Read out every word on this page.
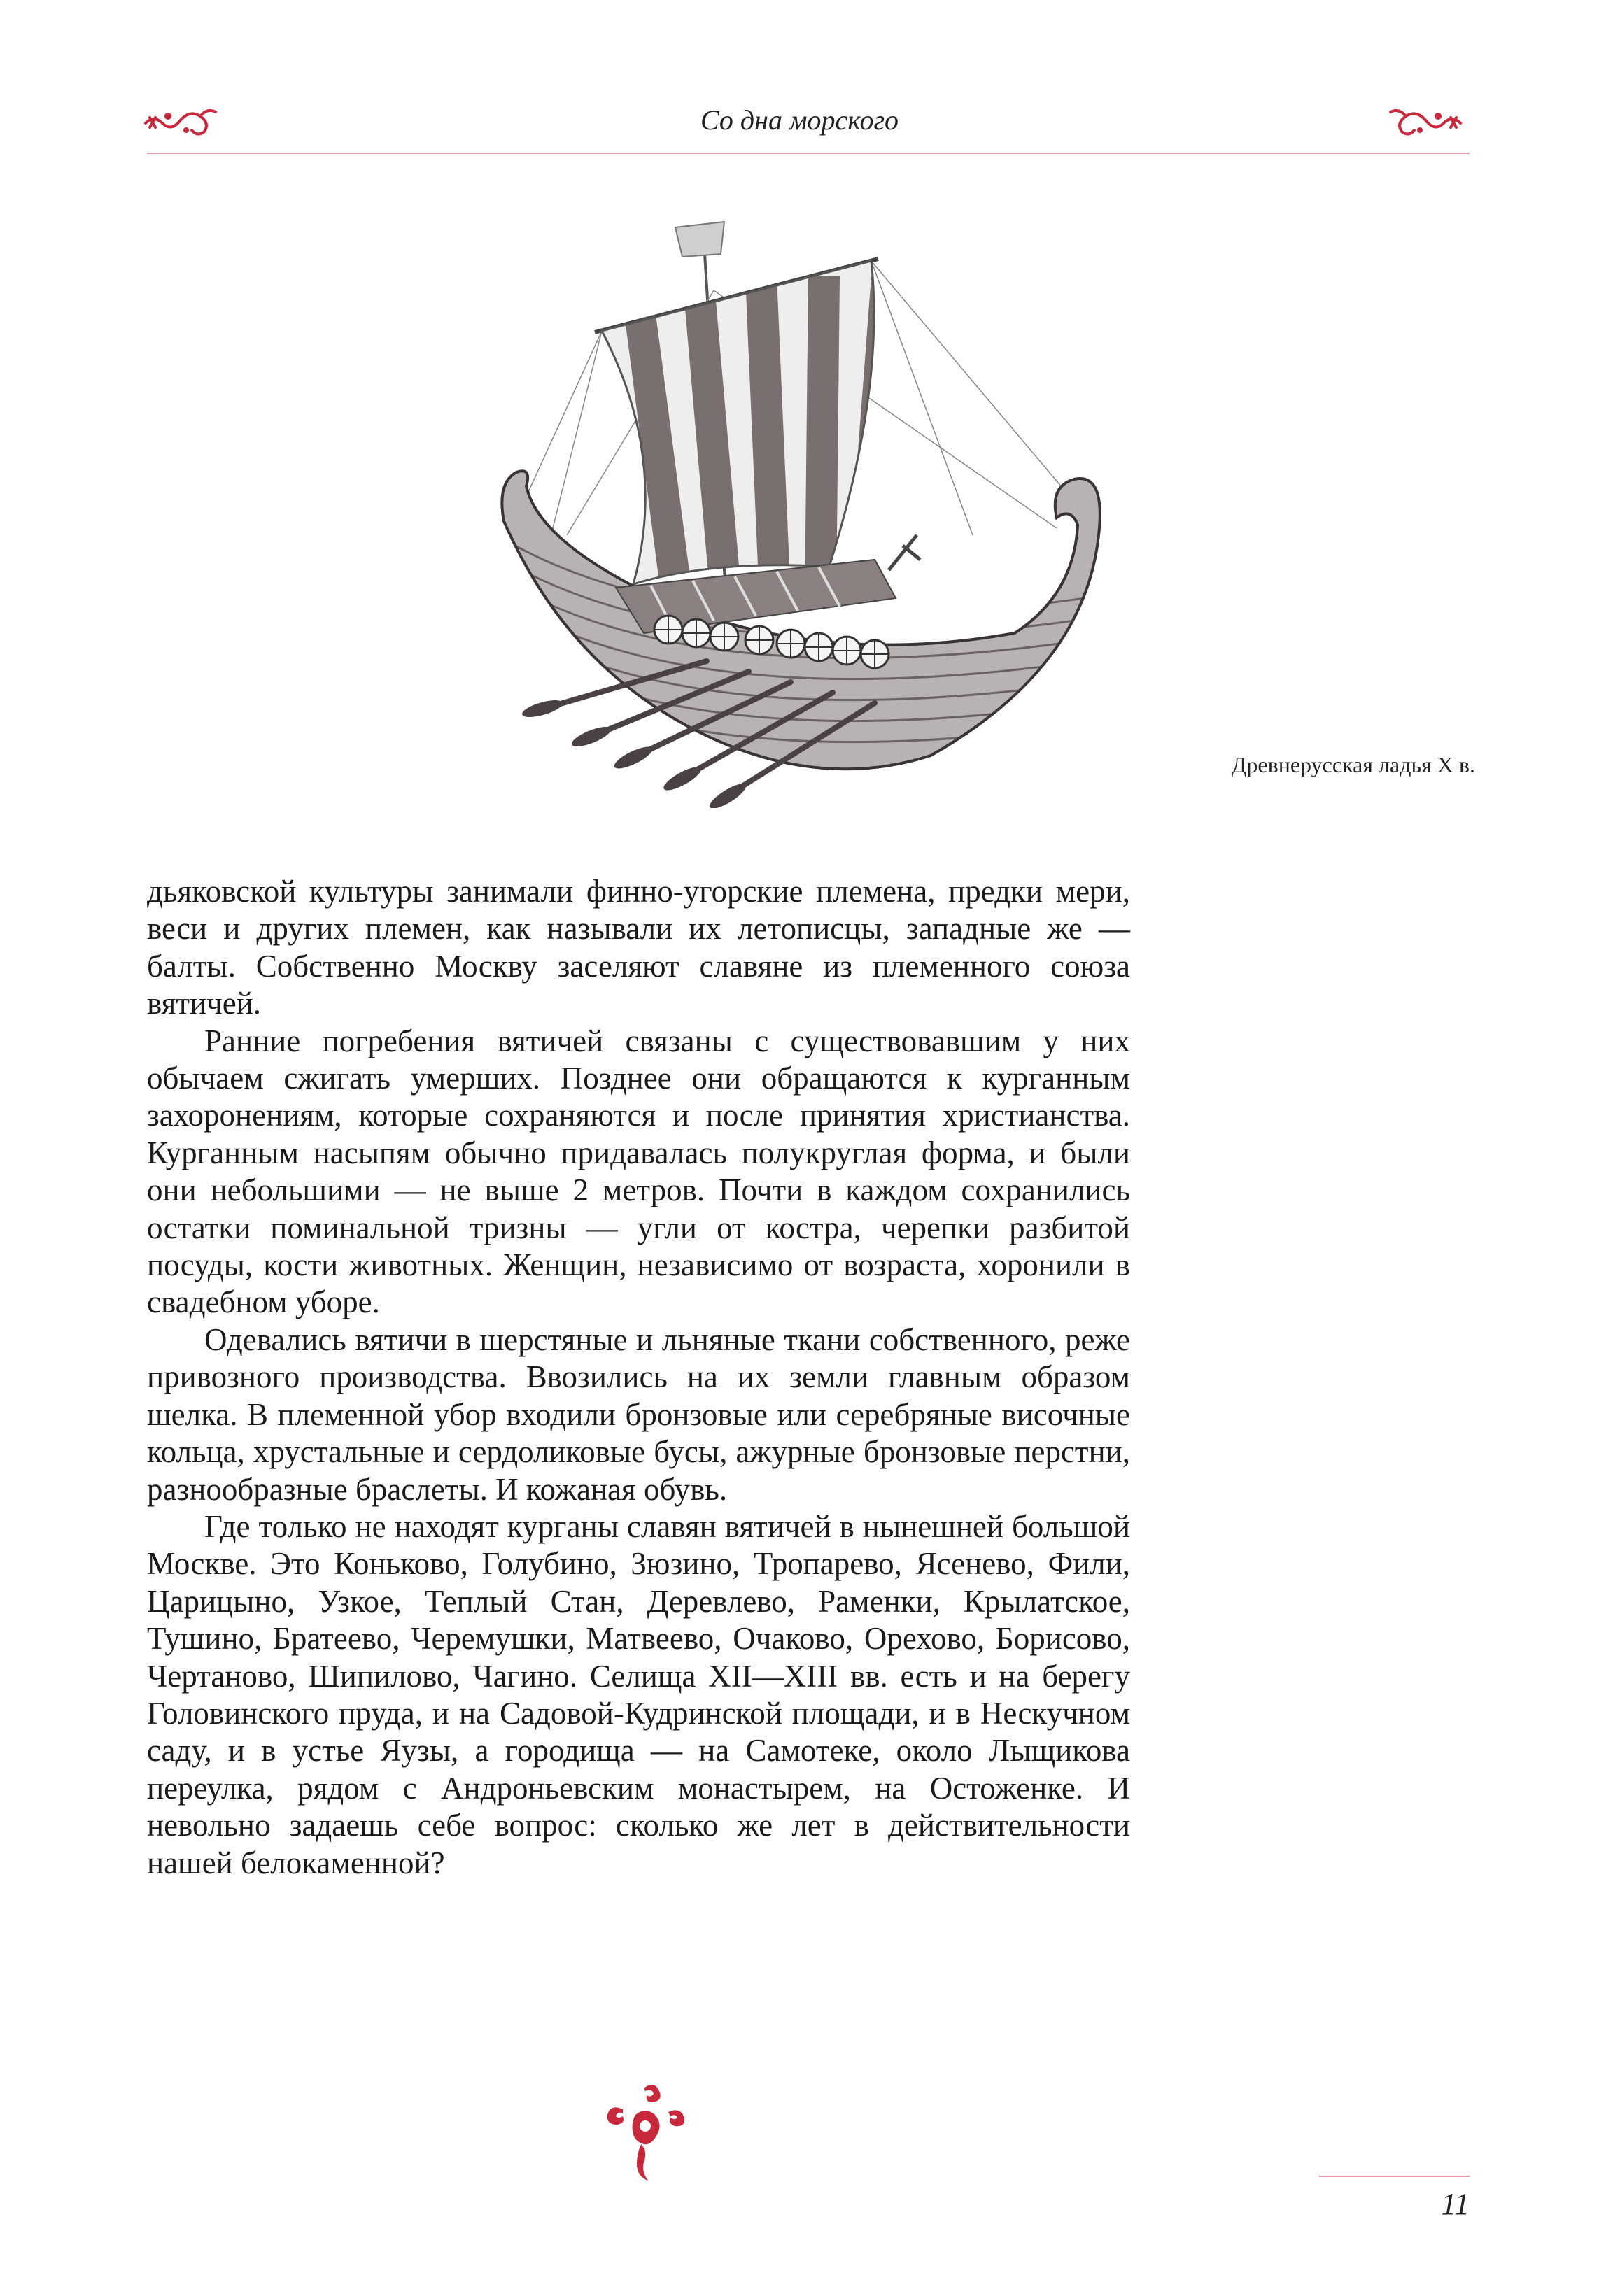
Со дна морского
Древнерусская ладья X в.

дьяковской культуры занимали финно-угорские племена, предки мери, веси и других племен, как называли их летописцы, западные же — балты. Собственно Москву заселяют славяне из племенного союза вятичей.

Ранние погребения вятичей связаны с существовавшим у них обычаем сжигать умерших. Позднее они обращаются к курганным захоронениям, которые сохраняются и после принятия христианства. Курганным насыпям обычно придавалась полукруглая форма, и были они небольшими — не выше 2 метров. Почти в каждом сохранились остатки поминальной тризны — угли от костра, черепки разбитой посуды, кости животных. Женщин, независимо от возраста, хоронили в свадебном уборе.

Одевались вятичи в шерстяные и льняные ткани собственного, реже привозного производства. Ввозились на их земли главным образом шелка. В племенной убор входили бронзовые или серебряные височные кольца, хрустальные и сердоликовые бусы, ажурные бронзовые перстни, разнообразные браслеты. И кожаная обувь.

Где только не находят курганы славян вятичей в нынешней большой Москве. Это Коньково, Голубино, Зюзино, Тропарево, Ясенево, Фили, Царицыно, Узкое, Теплый Стан, Деревлево, Раменки, Крылатское, Тушино, Братеево, Черемушки, Матвеево, Очаково, Орехово, Борисово, Чертаново, Шипилово, Чагино. Селища XII—XIII вв. есть и на берегу Головинского пруда, и на Садовой-Кудринской площади, и в Нескучном саду, и в устье Яузы, а городища — на Самотеке, около Лыщикова переулка, рядом с Андроньевским монастырем, на Остоженке. И невольно задаешь себе вопрос: сколько же лет в действительности нашей белокаменной?

11
